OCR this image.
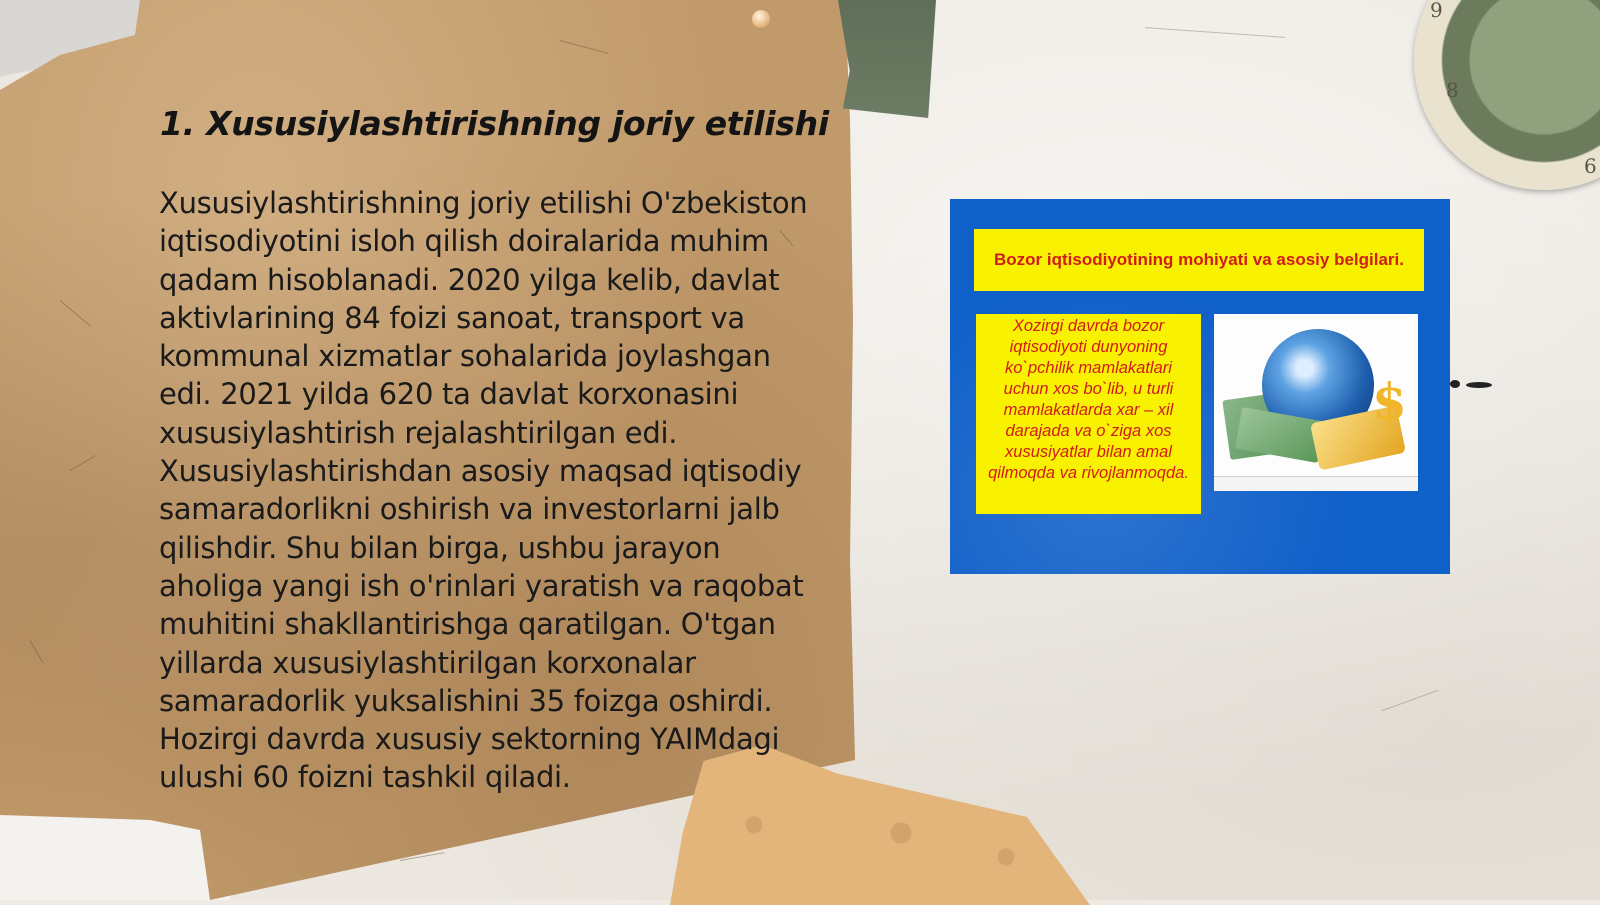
9
8
6
1. Xususiylashtirishning joriy etilishi

Xususiylashtirishning joriy etilishi O'zbekiston iqtisodiyotini isloh qilish doiralarida muhim qadam hisoblanadi. 2020 yilga kelib, davlat aktivlarining 84 foizi sanoat, transport va kommunal xizmatlar sohalarida joylashgan edi. 2021 yilda 620 ta davlat korxonasini xususiylashtirish rejalashtirilgan edi. Xususiylashtirishdan asosiy maqsad iqtisodiy samaradorlikni oshirish va investorlarni jalb qilishdir. Shu bilan birga, ushbu jarayon aholiga yangi ish o'rinlari yaratish va raqobat muhitini shakllantirishga qaratilgan. O'tgan yillarda xususiylashtirilgan korxonalar samaradorlik yuksalishini 35 foizga oshirdi. Hozirgi davrda xususiy sektorning YAIMdagi ulushi 60 foizni tashkil qiladi.

Bozor iqtisodiyotining mohiyati va asosiy belgilari.
Xozirgi davrda bozor iqtisodiyoti dunyoning ko`pchilik mamlakatlari uchun xos bo`lib, u turli mamlakatlarda xar – xil darajada va o`ziga xos xususiyatlar bilan amal qilmoqda va rivojlanmoqda.
$
